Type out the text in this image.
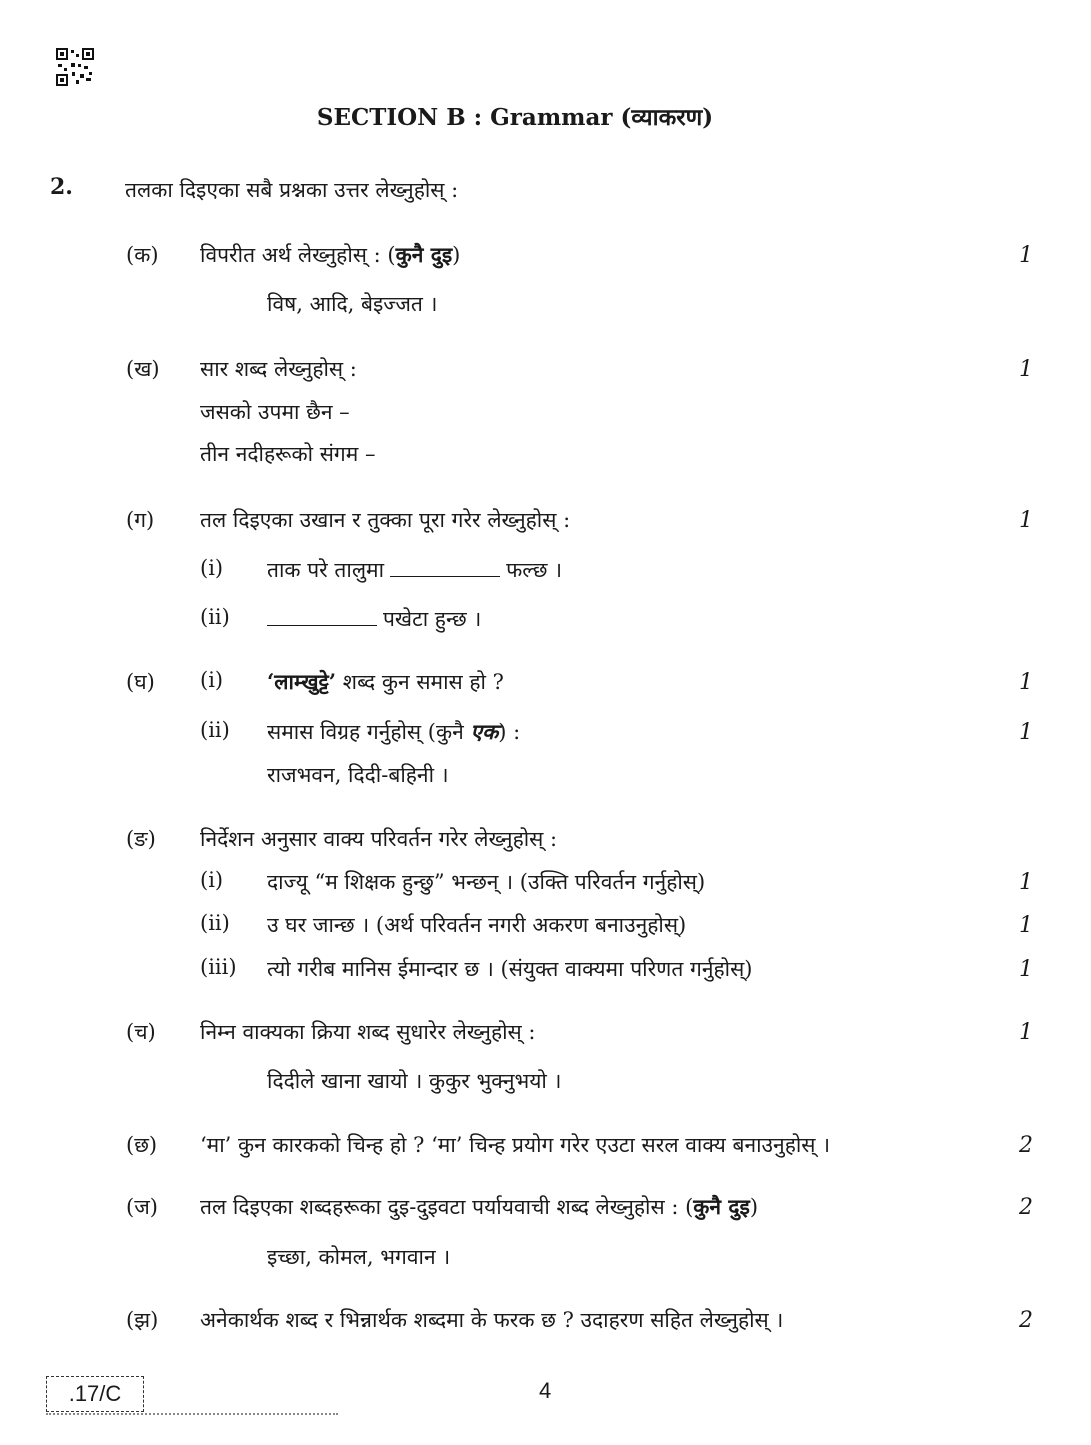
SECTION B : Grammar (व्याकरण)
2. तलका दिइएका सबै प्रश्नका उत्तर लेख्नुहोस् :
(क) विपरीत अर्थ लेख्नुहोस् : (कुनै दुइ)	1
विष, आदि, बेइज्जत ।
(ख) सार शब्द लेख्नुहोस् :	1
जसको उपमा छैन –
तीन नदीहरूको संगम –
(ग) तल दिइएका उखान र तुक्का पूरा गरेर लेख्नुहोस् :	1
(i) ताक परे तालुमा	फल्छ ।
(ii)	पखेटा हुन्छ ।
(घ) (i) ‘लाम्खुट्टे’ शब्द कुन समास हो ?	1
(ii) समास विग्रह गर्नुहोस् (कुनै एक) :	1
राजभवन, दिदी-बहिनी ।
(ङ) निर्देशन अनुसार वाक्य परिवर्तन गरेर लेख्नुहोस् :
(i) दाज्यू “म शिक्षक हुन्छु” भन्छन् । (उक्ति परिवर्तन गर्नुहोस्)	1
(ii) उ घर जान्छ । (अर्थ परिवर्तन नगरी अकरण बनाउनुहोस्)	1
(iii) त्यो गरीब मानिस ईमान्दार छ । (संयुक्त वाक्यमा परिणत गर्नुहोस्)	1
(च) निम्न वाक्यका क्रिया शब्द सुधारेर लेख्नुहोस् :	1
दिदीले खाना खायो । कुकुर भुक्नुभयो ।
(छ) ‘मा’ कुन कारकको चिन्ह हो ? ‘मा’ चिन्ह प्रयोग गरेर एउटा सरल वाक्य बनाउनुहोस् ।	2
(ज) तल दिइएका शब्दहरूका दुइ-दुइवटा पर्यायवाची शब्द लेख्नुहोस : (कुनै दुइ)	2
इच्छा, कोमल, भगवान ।
(झ) अनेकार्थक शब्द र भिन्नार्थक शब्दमा के फरक छ ? उदाहरण सहित लेख्नुहोस् ।	2
.17/C	4
